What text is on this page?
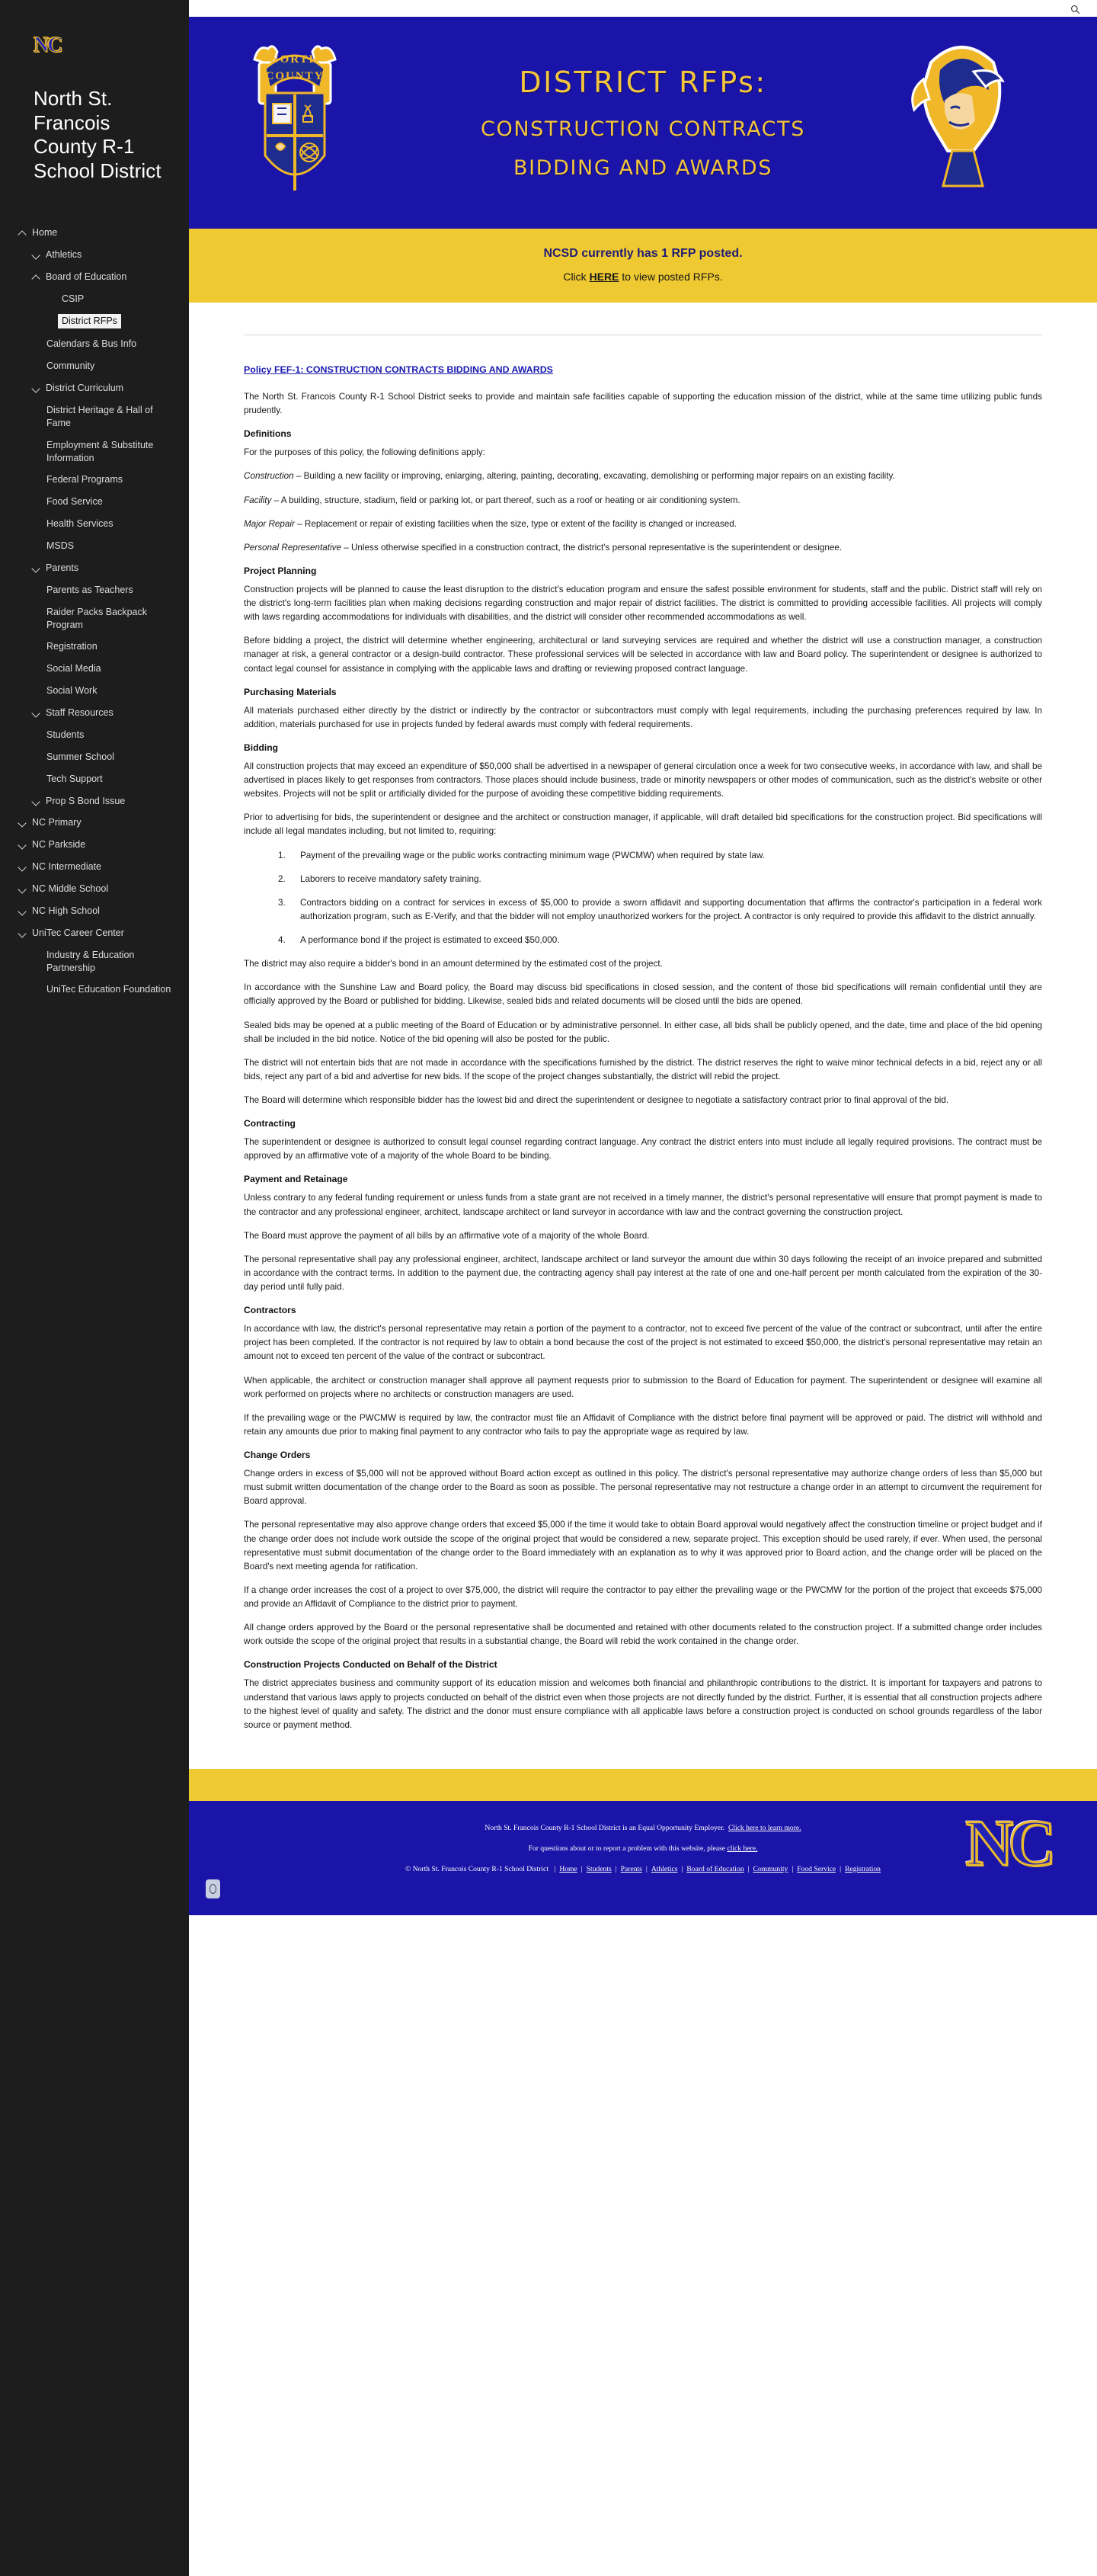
NC
North St. Francois County R-1 School District
Home
Athletics
Board of Education
CSIP
District RFPs
Calendars & Bus Info
Community
District Curriculum
District Heritage & Hall of Fame
Employment & Substitute Information
Federal Programs
Food Service
Health Services
MSDS
Parents
Parents as Teachers
Raider Packs Backpack Program
Registration
Social Media
Social Work
Staff Resources
Students
Summer School
Tech Support
Prop S Bond Issue
NC Primary
NC Parkside
NC Intermediate
NC Middle School
NC High School
UniTec Career Center
Industry & Education Partnership
UniTec Education Foundation
NORTH
COUNTY	DISTRICT RFPs:
CONSTRUCTION CONTRACTS
BIDDING AND AWARDS
NCSD currently has 1 RFP posted.
Click HERE to view posted RFPs.
Policy FEF-1: CONSTRUCTION CONTRACTS BIDDING AND AWARDS

The North St. Francois County R-1 School District seeks to provide and maintain safe facilities capable of supporting the education mission of the district, while at the same time utilizing public funds prudently.

Definitions

For the purposes of this policy, the following definitions apply:

Construction – Building a new facility or improving, enlarging, altering, painting, decorating, excavating, demolishing or performing major repairs on an existing facility.

Facility – A building, structure, stadium, field or parking lot, or part thereof, such as a roof or heating or air conditioning system.

Major Repair – Replacement or repair of existing facilities when the size, type or extent of the facility is changed or increased.

Personal Representative – Unless otherwise specified in a construction contract, the district's personal representative is the superintendent or designee.

Project Planning

Construction projects will be planned to cause the least disruption to the district's education program and ensure the safest possible environment for students, staff and the public. District staff will rely on the district's long-term facilities plan when making decisions regarding construction and major repair of district facilities. The district is committed to providing accessible facilities. All projects will comply with laws regarding accommodations for individuals with disabilities, and the district will consider other recommended accommodations as well.

Before bidding a project, the district will determine whether engineering, architectural or land surveying services are required and whether the district will use a construction manager, a construction manager at risk, a general contractor or a design-build contractor. These professional services will be selected in accordance with law and Board policy. The superintendent or designee is authorized to contact legal counsel for assistance in complying with the applicable laws and drafting or reviewing proposed contract language.

Purchasing Materials

All materials purchased either directly by the district or indirectly by the contractor or subcontractors must comply with legal requirements, including the purchasing preferences required by law. In addition, materials purchased for use in projects funded by federal awards must comply with federal requirements.

Bidding

All construction projects that may exceed an expenditure of $50,000 shall be advertised in a newspaper of general circulation once a week for two consecutive weeks, in accordance with law, and shall be advertised in places likely to get responses from contractors. Those places should include business, trade or minority newspapers or other modes of communication, such as the district's website or other websites. Projects will not be split or artificially divided for the purpose of avoiding these competitive bidding requirements.

Prior to advertising for bids, the superintendent or designee and the architect or construction manager, if applicable, will draft detailed bid specifications for the construction project. Bid specifications will include all legal mandates including, but not limited to, requiring:

1. Payment of the prevailing wage or the public works contracting minimum wage (PWCMW) when required by state law.
2. Laborers to receive mandatory safety training.
3. Contractors bidding on a contract for services in excess of $5,000 to provide a sworn affidavit and supporting documentation that affirms the contractor's participation in a federal work authorization program, such as E-Verify, and that the bidder will not employ unauthorized workers for the project. A contractor is only required to provide this affidavit to the district annually.
4. A performance bond if the project is estimated to exceed $50,000.

The district may also require a bidder's bond in an amount determined by the estimated cost of the project.

In accordance with the Sunshine Law and Board policy, the Board may discuss bid specifications in closed session, and the content of those bid specifications will remain confidential until they are officially approved by the Board or published for bidding. Likewise, sealed bids and related documents will be closed until the bids are opened.

Sealed bids may be opened at a public meeting of the Board of Education or by administrative personnel. In either case, all bids shall be publicly opened, and the date, time and place of the bid opening shall be included in the bid notice. Notice of the bid opening will also be posted for the public.

The district will not entertain bids that are not made in accordance with the specifications furnished by the district. The district reserves the right to waive minor technical defects in a bid, reject any or all bids, reject any part of a bid and advertise for new bids. If the scope of the project changes substantially, the district will rebid the project.

The Board will determine which responsible bidder has the lowest bid and direct the superintendent or designee to negotiate a satisfactory contract prior to final approval of the bid.

Contracting

The superintendent or designee is authorized to consult legal counsel regarding contract language. Any contract the district enters into must include all legally required provisions. The contract must be approved by an affirmative vote of a majority of the whole Board to be binding.

Payment and Retainage

Unless contrary to any federal funding requirement or unless funds from a state grant are not received in a timely manner, the district's personal representative will ensure that prompt payment is made to the contractor and any professional engineer, architect, landscape architect or land surveyor in accordance with law and the contract governing the construction project.

The Board must approve the payment of all bills by an affirmative vote of a majority of the whole Board.

The personal representative shall pay any professional engineer, architect, landscape architect or land surveyor the amount due within 30 days following the receipt of an invoice prepared and submitted in accordance with the contract terms. In addition to the payment due, the contracting agency shall pay interest at the rate of one and one-half percent per month calculated from the expiration of the 30-day period until fully paid.

Contractors

In accordance with law, the district's personal representative may retain a portion of the payment to a contractor, not to exceed five percent of the value of the contract or subcontract, until after the entire project has been completed. If the contractor is not required by law to obtain a bond because the cost of the project is not estimated to exceed $50,000, the district's personal representative may retain an amount not to exceed ten percent of the value of the contract or subcontract.

When applicable, the architect or construction manager shall approve all payment requests prior to submission to the Board of Education for payment. The superintendent or designee will examine all work performed on projects where no architects or construction managers are used.

If the prevailing wage or the PWCMW is required by law, the contractor must file an Affidavit of Compliance with the district before final payment will be approved or paid. The district will withhold and retain any amounts due prior to making final payment to any contractor who fails to pay the appropriate wage as required by law.

Change Orders

Change orders in excess of $5,000 will not be approved without Board action except as outlined in this policy. The district's personal representative may authorize change orders of less than $5,000 but must submit written documentation of the change order to the Board as soon as possible. The personal representative may not restructure a change order in an attempt to circumvent the requirement for Board approval.

The personal representative may also approve change orders that exceed $5,000 if the time it would take to obtain Board approval would negatively affect the construction timeline or project budget and if the change order does not include work outside the scope of the original project that would be considered a new, separate project. This exception should be used rarely, if ever. When used, the personal representative must submit documentation of the change order to the Board immediately with an explanation as to why it was approved prior to Board action, and the change order will be placed on the Board's next meeting agenda for ratification.

If a change order increases the cost of a project to over $75,000, the district will require the contractor to pay either the prevailing wage or the PWCMW for the portion of the project that exceeds $75,000 and provide an Affidavit of Compliance to the district prior to payment.

All change orders approved by the Board or the personal representative shall be documented and retained with other documents related to the construction project. If a submitted change order includes work outside the scope of the original project that results in a substantial change, the Board will rebid the work contained in the change order.

Construction Projects Conducted on Behalf of the District

The district appreciates business and community support of its education mission and welcomes both financial and philanthropic contributions to the district. It is important for taxpayers and patrons to understand that various laws apply to projects conducted on behalf of the district even when those projects are not directly funded by the district. Further, it is essential that all construction projects adhere to the highest level of quality and safety. The district and the donor must ensure compliance with all applicable laws before a construction project is conducted on school grounds regardless of the labor source or payment method.

North St. Francois County R-1 School District is an Equal Opportunity Employer. Click here to learn more.
For questions about or to report a problem with this website, please click here.
© North St. Francois County R-1 School District | Home | Students | Parents | Athletics | Board of Education | Community | Food Service | Registration	NC
